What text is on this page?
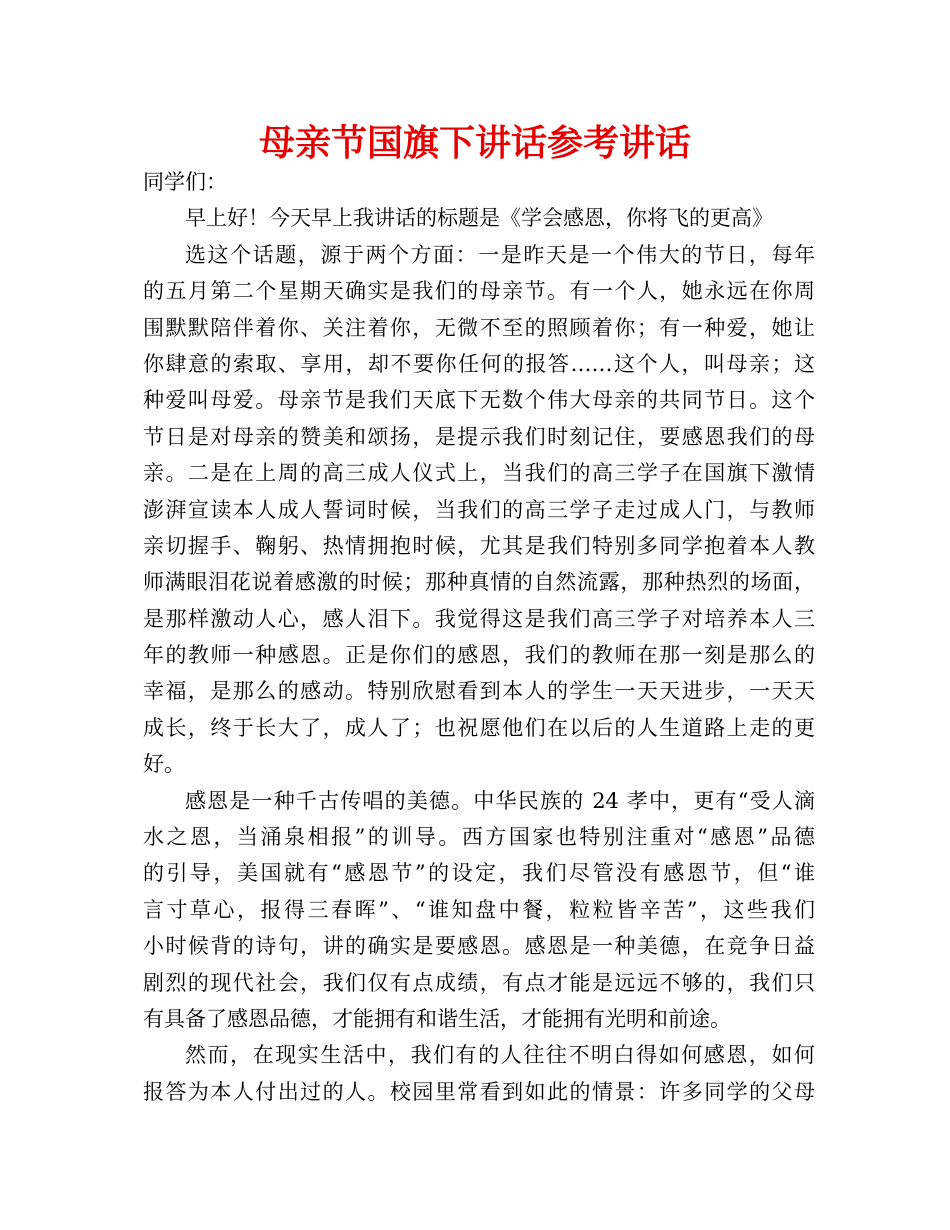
母亲节国旗下讲话参考讲话
同学们：
早上好！今天早上我讲话的标题是《学会感恩，你将飞的更高》
选这个话题，源于两个方面：一是昨天是一个伟大的节日，每年
的五月第二个星期天确实是我们的母亲节。有一个人，她永远在你周
围默默陪伴着你、关注着你，无微不至的照顾着你；有一种爱，她让
你肆意的索取、享用，却不要你任何的报答……这个人，叫母亲；这
种爱叫母爱。母亲节是我们天底下无数个伟大母亲的共同节日。这个
节日是对母亲的赞美和颂扬，是提示我们时刻记住，要感恩我们的母
亲。二是在上周的高三成人仪式上，当我们的高三学子在国旗下激情
澎湃宣读本人成人誓词时候，当我们的高三学子走过成人门，与教师
亲切握手、鞠躬、热情拥抱时候，尤其是我们特别多同学抱着本人教
师满眼泪花说着感激的时候；那种真情的自然流露，那种热烈的场面，
是那样激动人心，感人泪下。我觉得这是我们高三学子对培养本人三
年的教师一种感恩。正是你们的感恩，我们的教师在那一刻是那么的
幸福，是那么的感动。特别欣慰看到本人的学生一天天进步，一天天
成长，终于长大了，成人了；也祝愿他们在以后的人生道路上走的更
好。
感恩是一种千古传唱的美德。中华民族的 24 孝中，更有“受人滴
水之恩，当涌泉相报”的训导。西方国家也特别注重对“感恩”品德
的引导，美国就有“感恩节”的设定，我们尽管没有感恩节，但“谁
言寸草心，报得三春晖”、“谁知盘中餐，粒粒皆辛苦”，这些我们
小时候背的诗句，讲的确实是要感恩。感恩是一种美德，在竞争日益
剧烈的现代社会，我们仅有点成绩，有点才能是远远不够的，我们只
有具备了感恩品德，才能拥有和谐生活，才能拥有光明和前途。
然而，在现实生活中，我们有的人往往不明白得如何感恩，如何
报答为本人付出过的人。校园里常看到如此的情景：许多同学的父母
